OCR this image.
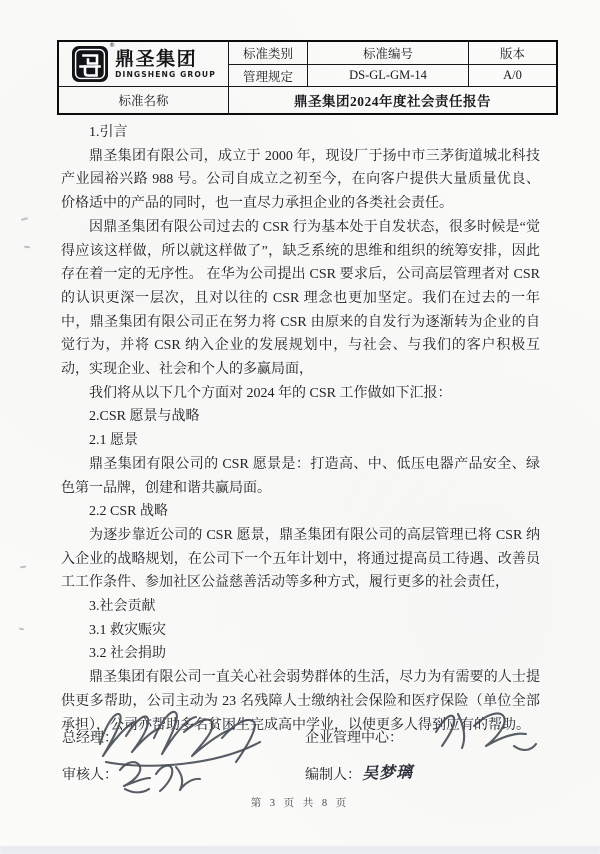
®
鼎圣集团
DINGSHENG GROUP	标准类别	标准编号	版本
	管理规定	DS-GL-GM-14	A/0
标准名称	鼎圣集团2024年度社会责任报告		

1.引言

鼎圣集团有限公司，成立于 2000 年，现设厂于扬中市三茅街道城北科技产业园裕兴路 988 号。公司自成立之初至今，在向客户提供大量质量优良、 价格适中的产品的同时，也一直尽力承担企业的各类社会责任。

因鼎圣集团有限公司过去的 CSR 行为基本处于自发状态，很多时候是“觉得应该这样做，所以就这样做了”，缺乏系统的思维和组织的统筹安排，因此存在着一定的无序性。 在华为公司提出 CSR 要求后，公司高层管理者对 CSR 的认识更深一层次，且对以往的 CSR 理念也更加坚定。我们在过去的一年中，鼎圣集团有限公司正在努力将 CSR 由原来的自发行为逐渐转为企业的自觉行为，并将 CSR 纳入企业的发展规划中，与社会、与我们的客户积极互动，实现企业、社会和个人的多赢局面，

我们将从以下几个方面对 2024 年的 CSR 工作做如下汇报：

2.CSR 愿景与战略

2.1 愿景

鼎圣集团有限公司的 CSR 愿景是：打造高、中、低压电器产品安全、绿色第一品牌，创建和谐共赢局面。

2.2 CSR 战略

为逐步靠近公司的 CSR 愿景，鼎圣集团有限公司的高层管理已将 CSR 纳入企业的战略规划，在公司下一个五年计划中，将通过提高员工待遇、改善员工工作条件、参加社区公益慈善活动等多种方式，履行更多的社会责任，

3.社会贡献

3.1 救灾赈灾

3.2 社会捐助

鼎圣集团有限公司一直关心社会弱势群体的生活，尽力为有需要的人士提供更多帮助，公司主动为 23 名残障人士缴纳社会保险和医疗保险（单位全部承担），公司亦帮助多名贫困生完成高中学业，以使更多人得到应有的帮助。

总经理：	企业管理中心：
审核人：	编制人： 吴梦璃
第 3 页 共 8 页
